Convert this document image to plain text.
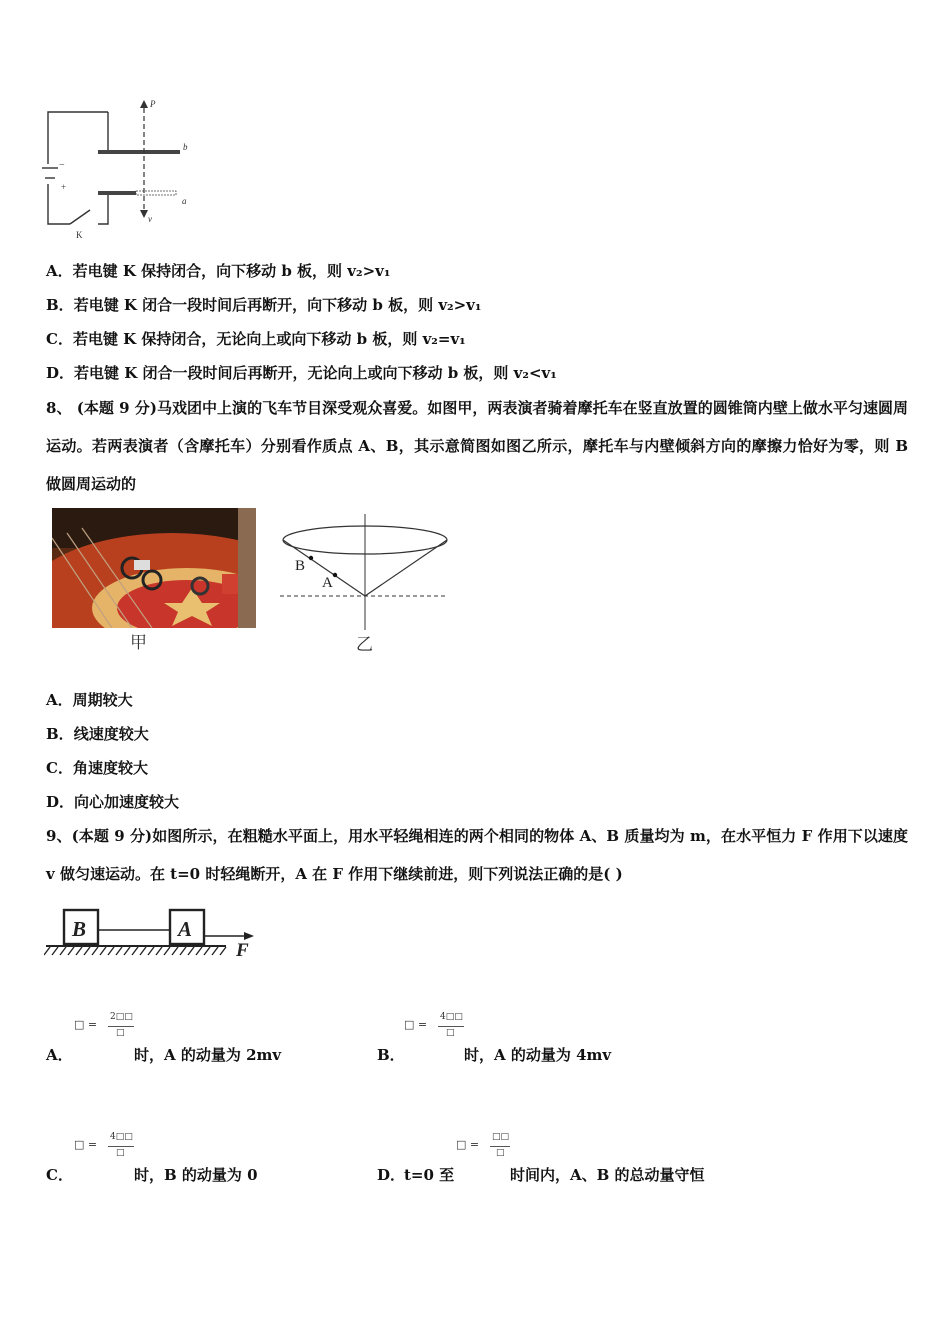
P
b
a
v
K
−
+
A．若电键 K 保持闭合，向下移动 b 板，则 v₂>v₁
B．若电键 K 闭合一段时间后再断开，向下移动 b 板，则 v₂>v₁
C．若电键 K 保持闭合，无论向上或向下移动 b 板，则 v₂=v₁
D．若电键 K 闭合一段时间后再断开，无论向上或向下移动 b 板，则 v₂<v₁
8、 (本题 9 分)马戏团中上演的飞车节目深受观众喜爱。如图甲，两表演者骑着摩托车在竖直放置的圆锥筒内壁上做水平匀速圆周运动。若两表演者（含摩托车）分别看作质点 A、B，其示意简图如图乙所示，摩托车与内壁倾斜方向的摩擦力恰好为零，则 B 做圆周运动的
甲
B
A
乙
A．周期较大
B．线速度较大
C．角速度较大
D．向心加速度较大
9、(本题 9 分)如图所示，在粗糙水平面上，用水平轻绳相连的两个相同的物体 A、B 质量均为 m，在水平恒力 F 作用下以速度 v 做匀速运动。在 t=0 时轻绳断开，A 在 F 作用下继续前进，则下列说法正确的是( )
B	A
F
□ =
2□□
□
A．	时，A 的动量为 2mv
□ =
4□□
□
B．	时，A 的动量为 4mv
□ =
4□□
□
C．	时，B 的动量为 0
□ =
□□
□
D．
t=0 至	时间内，A、B 的总动量守恒
